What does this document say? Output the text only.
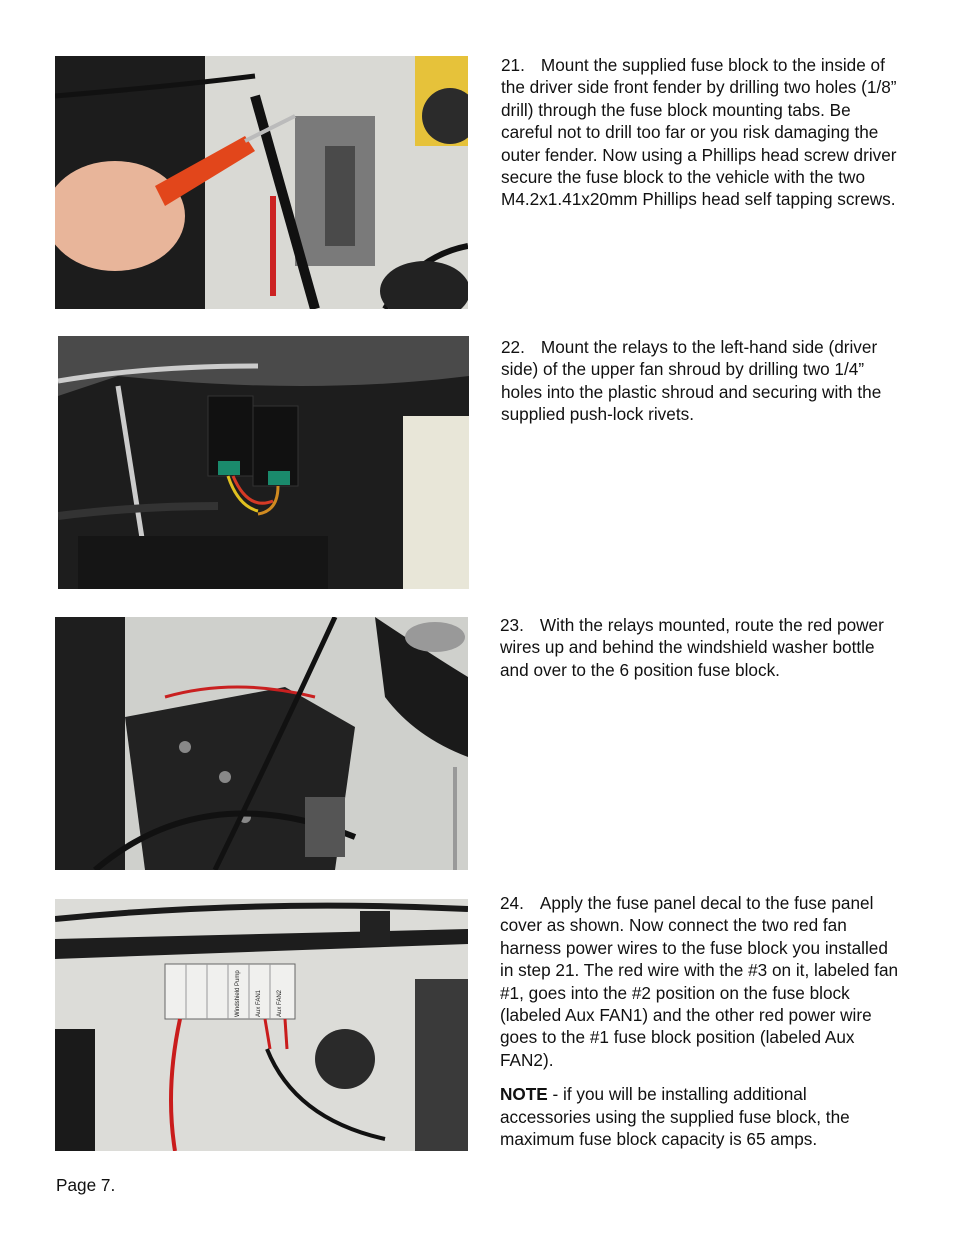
Windshield Pump	Aux FAN1	Aux FAN2

21. Mount the supplied fuse block to the inside of the driver side front fender by drilling two holes (1/8” drill) through the fuse block mounting tabs. Be careful not to drill too far or you risk damaging the outer fender. Now using a Phillips head screw driver secure the fuse block to the vehicle with the two M4.2x1.41x20mm Phillips head self tapping screws.

22. Mount the relays to the left-hand side (driver side) of the upper fan shroud by drilling two 1/4” holes into the plastic shroud and securing with the supplied push-lock rivets.

23. With the relays mounted, route the red power wires up and behind the windshield washer bottle and over to the 6 position fuse block.

24. Apply the fuse panel decal to the fuse panel cover as shown. Now connect the two red fan harness power wires to the fuse block you installed in step 21. The red wire with the #3 on it, labeled fan #1, goes into the #2 position on the fuse block (labeled Aux FAN1) and the other red power wire goes to the #1 fuse block position (labeled Aux FAN2).

NOTE - if you will be installing additional accessories using the supplied fuse block, the maximum fuse block capacity is 65 amps.

Page 7.
